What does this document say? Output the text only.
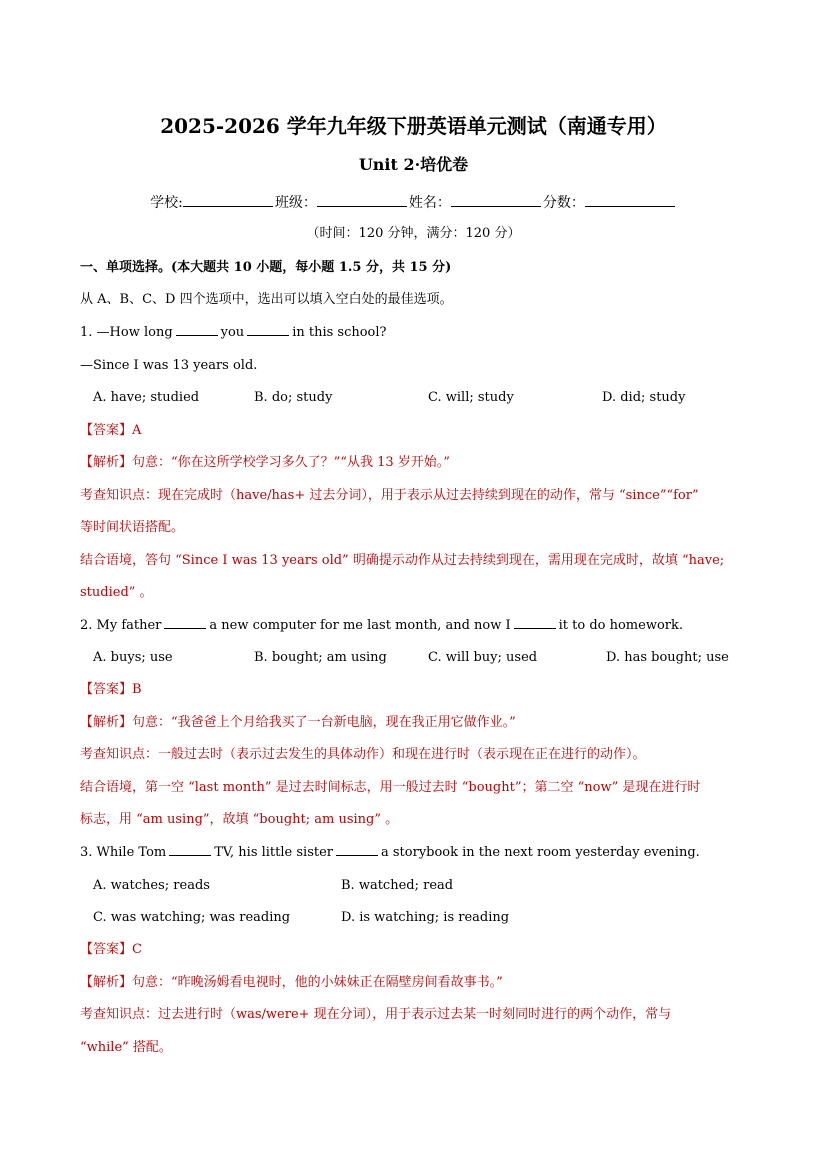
2025-2026 学年九年级下册英语单元测试（南通专用）
Unit 2·培优卷
学校:	班级：	姓名：	分数：
（时间：120 分钟，满分：120 分）
一、单项选择。(本大题共 10 小题，每小题 1.5 分，共 15 分)
从 A、B、C、D 四个选项中，选出可以填入空白处的最佳选项。
1. —How long	you	in this school?
—Since I was 13 years old.
A. have; studied	B. do; study	C. will; study	D. did; study
【答案】A
【解析】句意：“你在这所学校学习多久了？”“从我 13 岁开始。”
考查知识点：现在完成时（have/has+ 过去分词），用于表示从过去持续到现在的动作，常与 “since”“for”
等时间状语搭配。
结合语境，答句 “Since I was 13 years old” 明确提示动作从过去持续到现在，需用现在完成时，故填 “have;
studied” 。
2. My father	a new computer for me last month, and now I	it to do homework.
A. buys; use	B. bought; am using	C. will buy; used	D. has bought; use
【答案】B
【解析】句意：“我爸爸上个月给我买了一台新电脑，现在我正用它做作业。”
考查知识点：一般过去时（表示过去发生的具体动作）和现在进行时（表示现在正在进行的动作）。
结合语境，第一空 “last month” 是过去时间标志，用一般过去时 “bought”；第二空 “now” 是现在进行时
标志，用 “am using”，故填 “bought; am using” 。
3. While Tom	TV, his little sister	a storybook in the next room yesterday evening.
A. watches; reads	B. watched; read
C. was watching; was reading	D. is watching; is reading
【答案】C
【解析】句意：“昨晚汤姆看电视时，他的小妹妹正在隔壁房间看故事书。”
考查知识点：过去进行时（was/were+ 现在分词），用于表示过去某一时刻同时进行的两个动作，常与
“while” 搭配。
